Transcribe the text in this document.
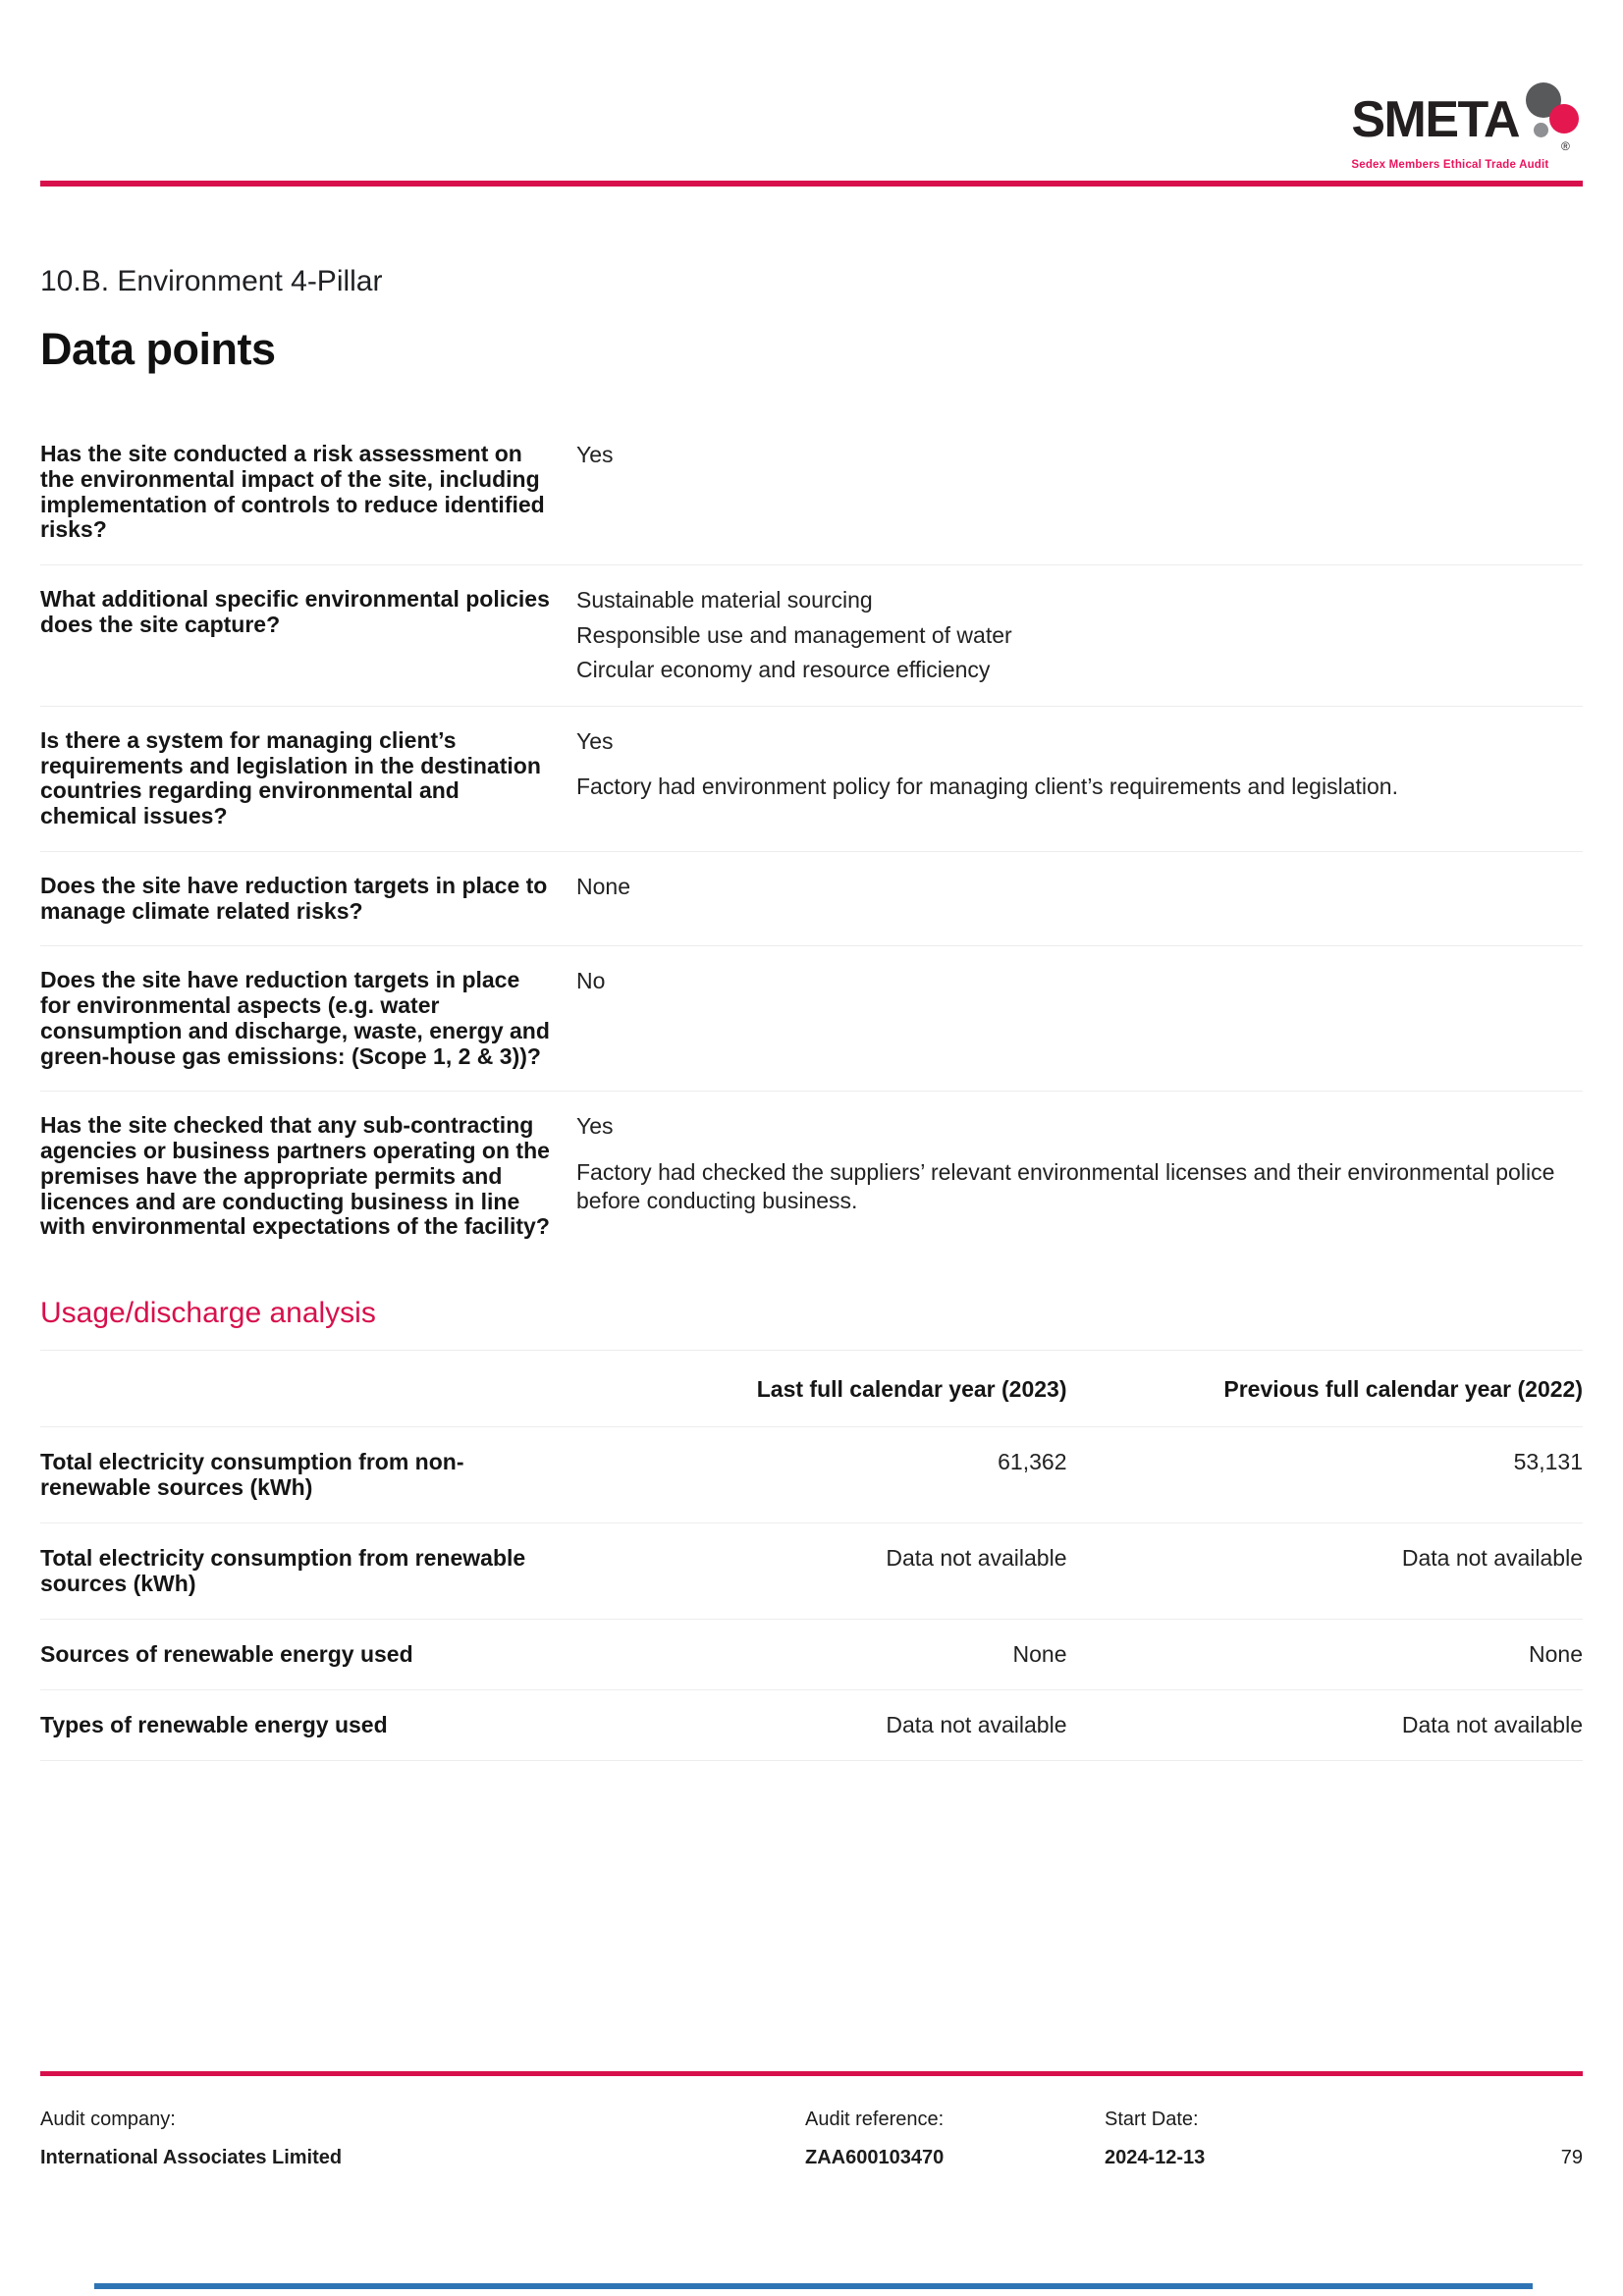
SMETA	®
Sedex Members Ethical Trade Audit
10.B. Environment 4-Pillar
Data points
Has the site conducted a risk assessment on the environmental impact of the site, including implementation of controls to reduce identified risks?
Yes
What additional specific environmental policies does the site capture?
Sustainable material sourcing
Responsible use and management of water
Circular economy and resource efficiency
Is there a system for managing client’s requirements and legislation in the destination countries regarding environmental and chemical issues?
Yes
Factory had environment policy for managing client’s requirements and legislation.
Does the site have reduction targets in place to manage climate related risks?
None
Does the site have reduction targets in place for environmental aspects (e.g. water consumption and discharge, waste, energy and green-house gas emissions: (Scope 1, 2 & 3))?
No
Has the site checked that any sub-contracting agencies or business partners operating on the premises have the appropriate permits and licences and are conducting business in line with environmental expectations of the facility?
Yes
Factory had checked the suppliers’ relevant environmental licenses and their environmental police before conducting business.
Usage/discharge analysis
Last full calendar year (2023)	Previous full calendar year (2022)
Total electricity consumption from non-renewable sources (kWh)
61,362	53,131
Total electricity consumption from renewable sources (kWh)
Data not available	Data not available
Sources of renewable energy used	None	None
Types of renewable energy used	Data not available	Data not available
Audit company:
International Associates Limited
Audit reference:
ZAA600103470
Start Date:
2024-12-13	79
